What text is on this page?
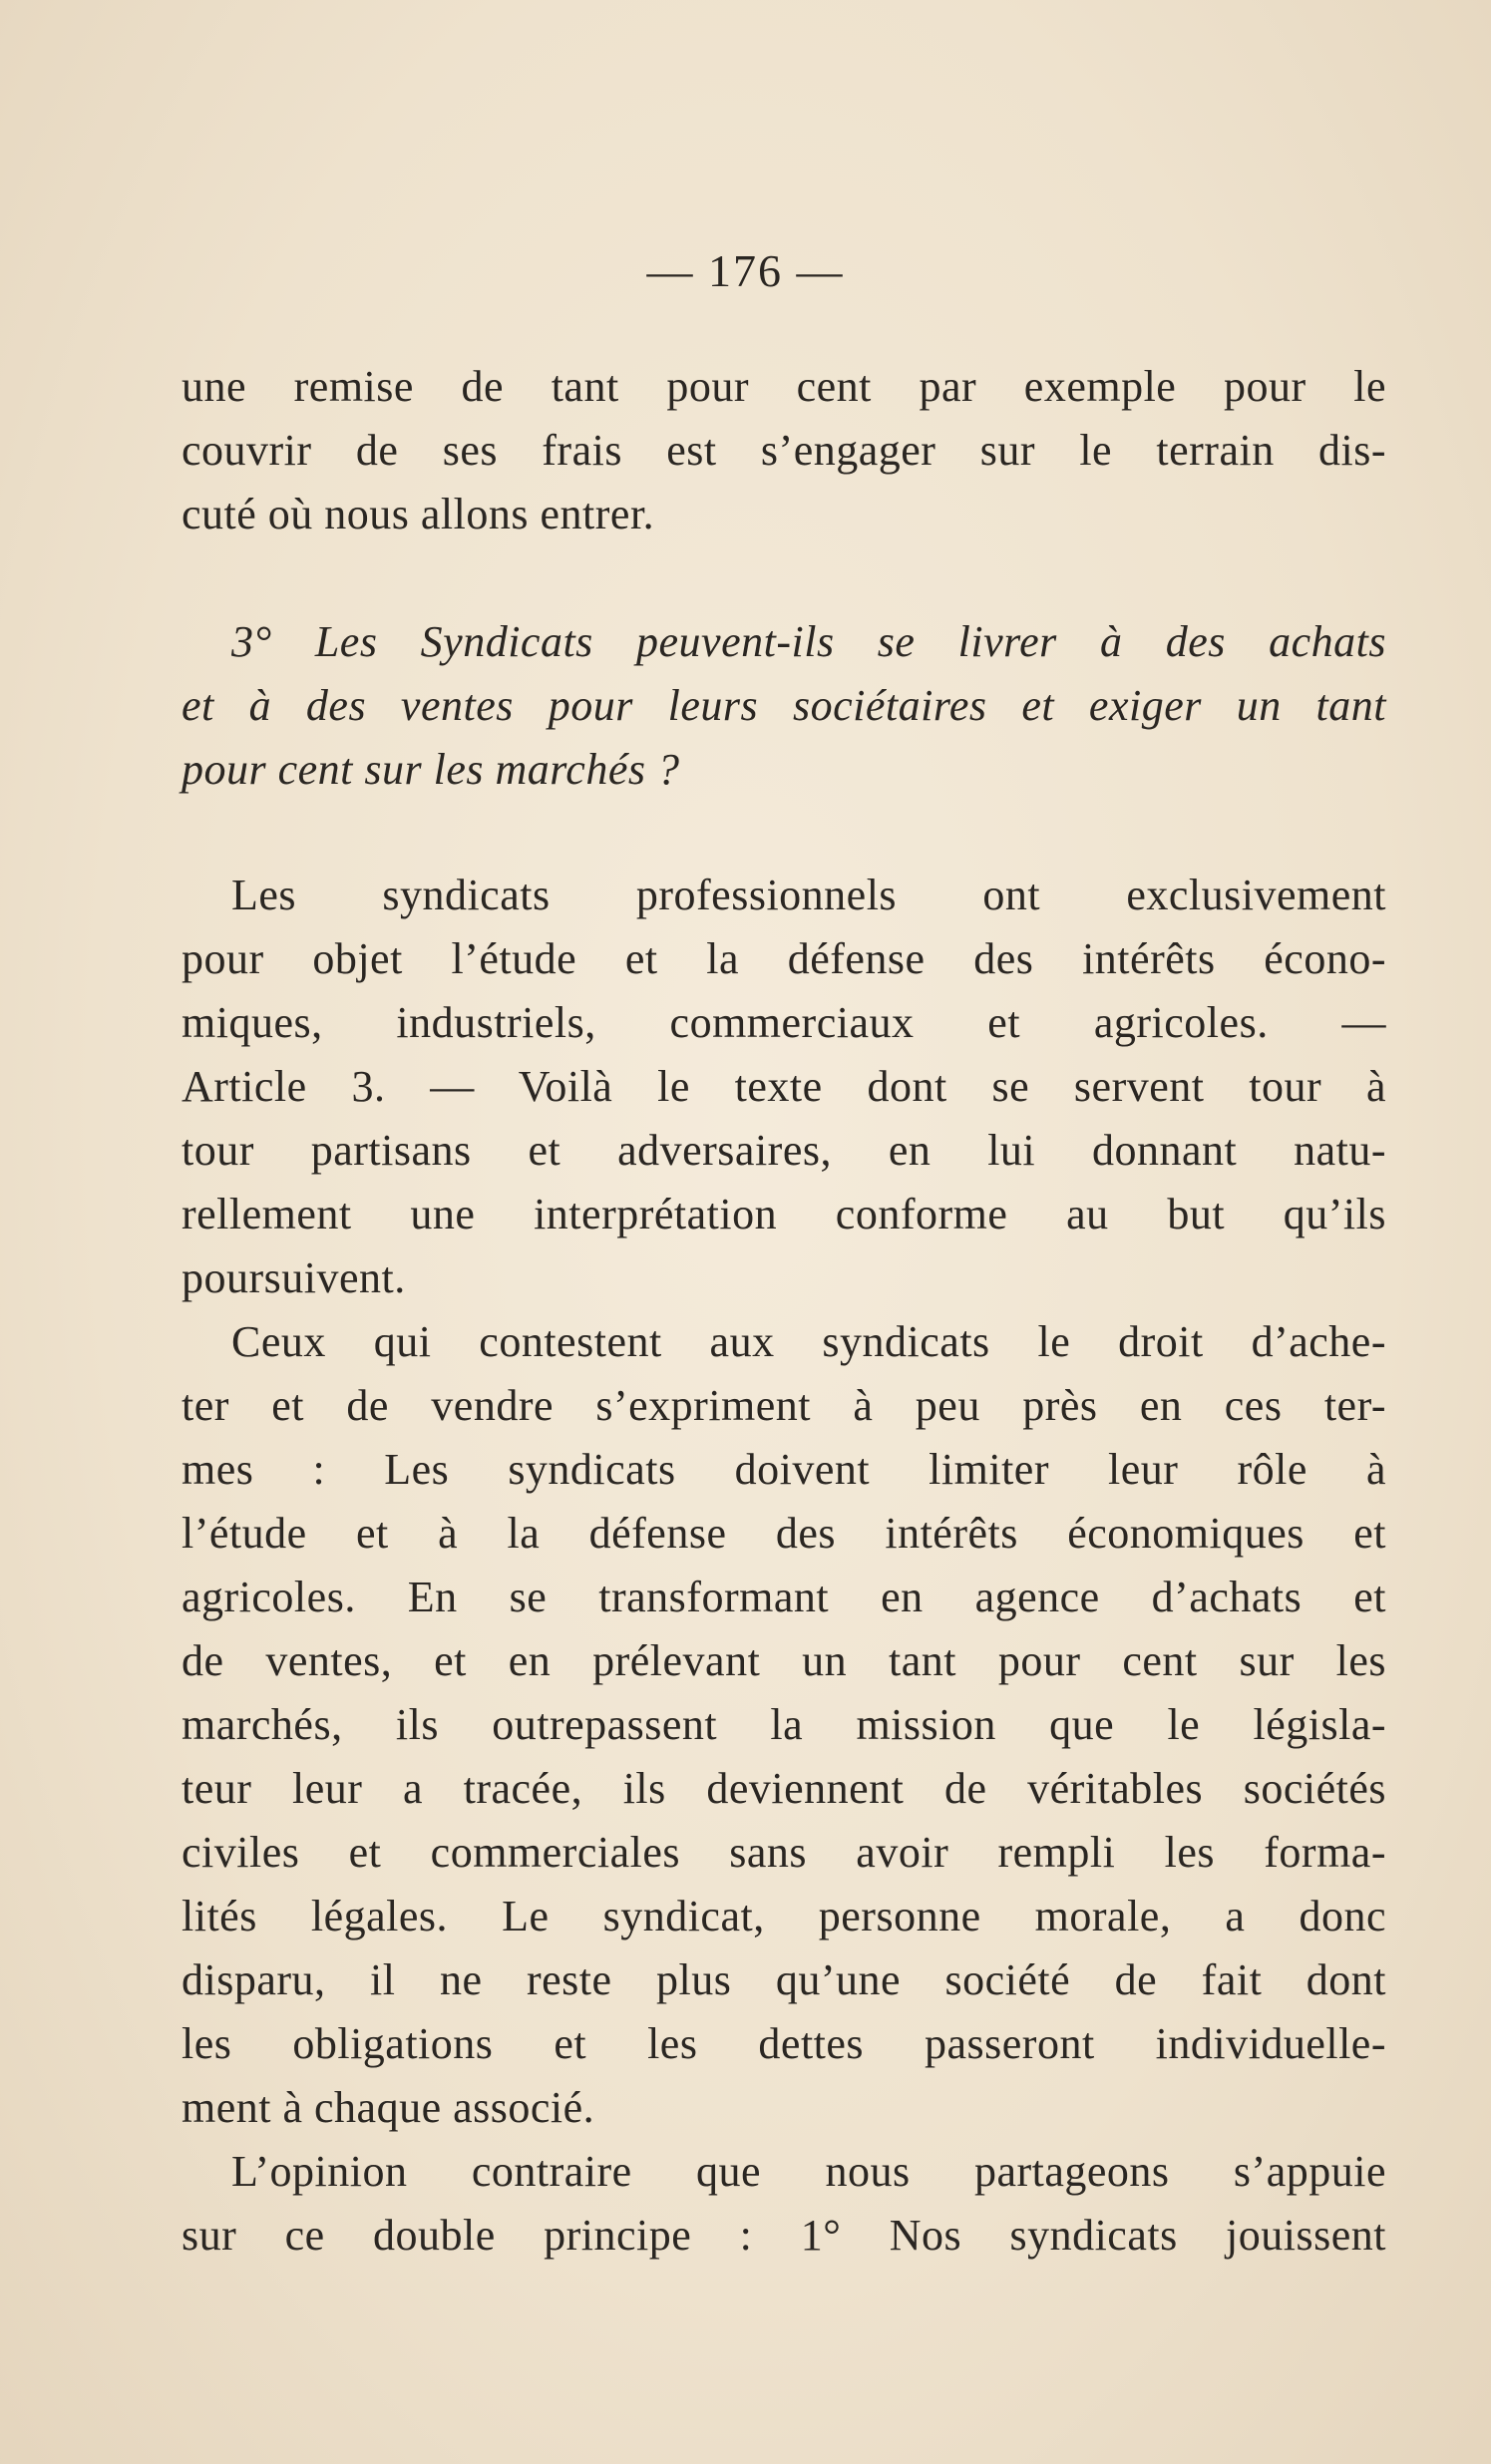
— 176 —
une remise de tant pour cent par exemple pour le
couvrir de ses frais est s’engager sur le terrain dis-
cuté où nous allons entrer.
3° Les Syndicats peuvent-ils se livrer à des achats
et à des ventes pour leurs sociétaires et exiger un tant
pour cent sur les marchés ?
Les syndicats professionnels ont exclusivement
pour objet l’étude et la défense des intérêts écono-
miques, industriels, commerciaux et agricoles. —
Article 3. — Voilà le texte dont se servent tour à
tour partisans et adversaires, en lui donnant natu-
rellement une interprétation conforme au but qu’ils
poursuivent.
Ceux qui contestent aux syndicats le droit d’ache-
ter et de vendre s’expriment à peu près en ces ter-
mes : Les syndicats doivent limiter leur rôle à
l’étude et à la défense des intérêts économiques et
agricoles. En se transformant en agence d’achats et
de ventes, et en prélevant un tant pour cent sur les
marchés, ils outrepassent la mission que le législa-
teur leur a tracée, ils deviennent de véritables sociétés
civiles et commerciales sans avoir rempli les forma-
lités légales. Le syndicat, personne morale, a donc
disparu, il ne reste plus qu’une société de fait dont
les obligations et les dettes passeront individuelle-
ment à chaque associé.
L’opinion contraire que nous partageons s’appuie
sur ce double principe : 1° Nos syndicats jouissent
